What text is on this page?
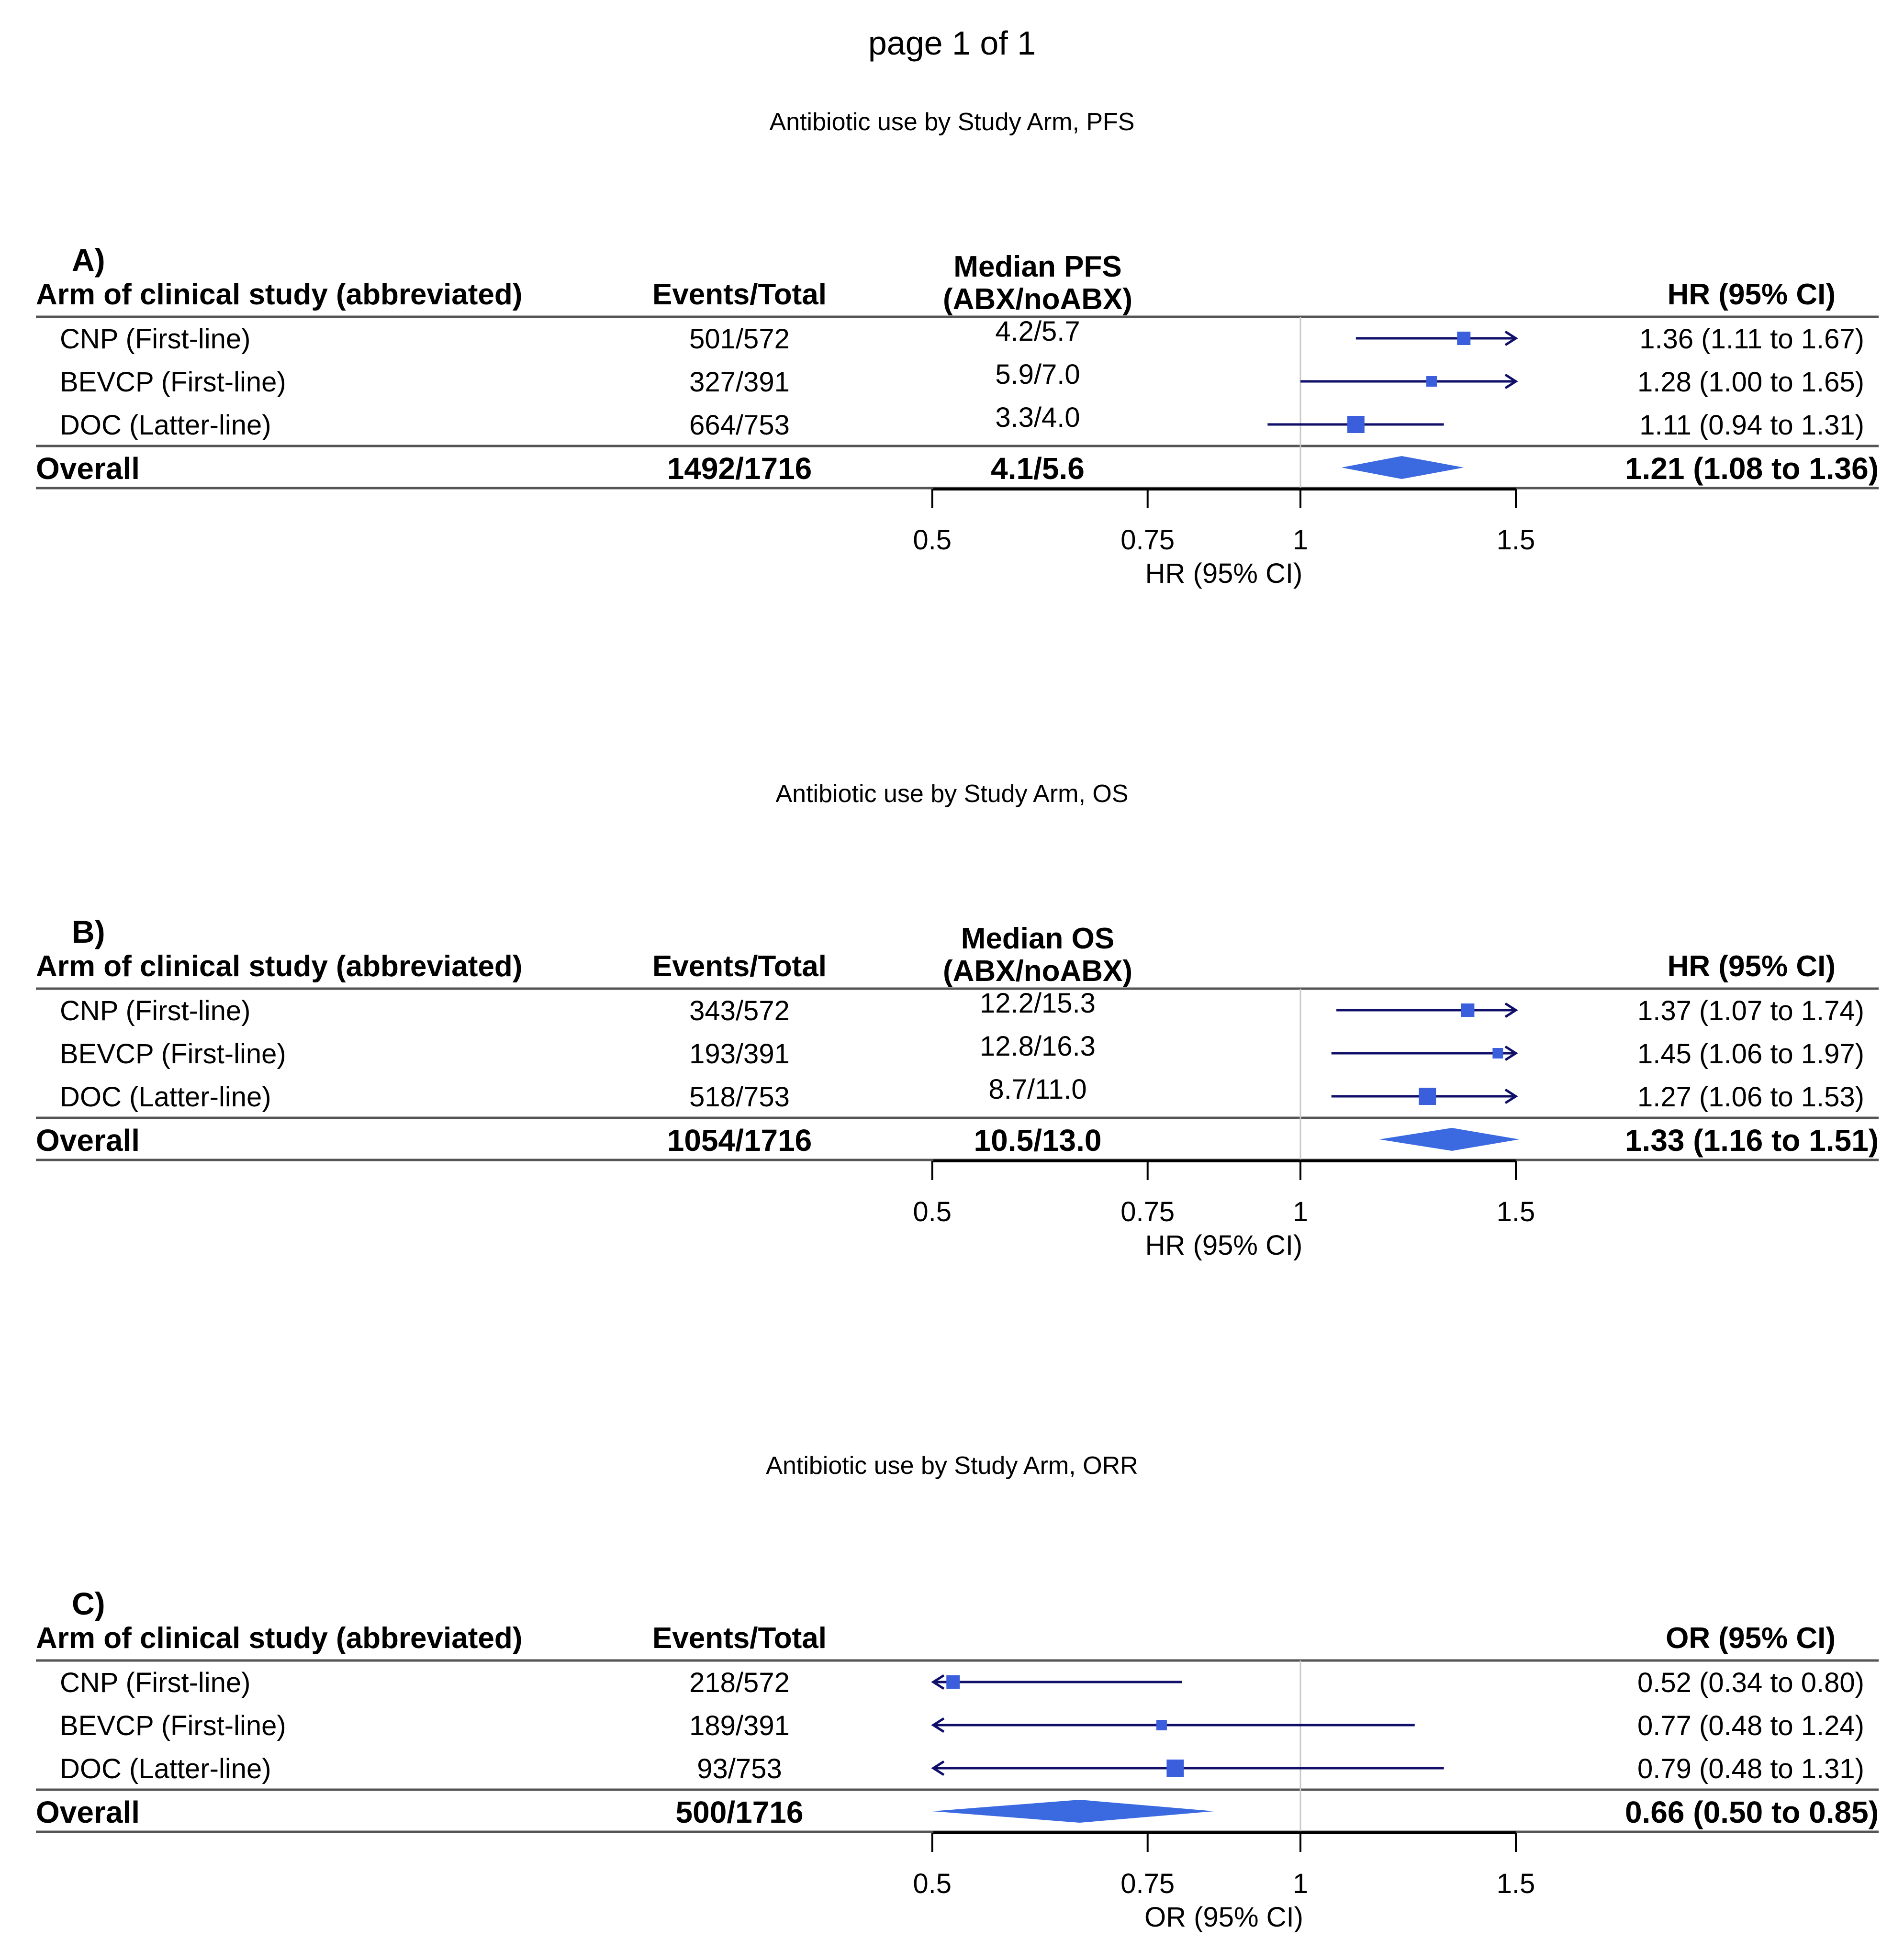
page 1 of 1
Antibiotic use by Study Arm, PFS
A)
Arm of clinical study (abbreviated)	Events/Total
Median PFS
(ABX/noABX)	HR (95% CI)
HR (95% CI)
0.5	0.75	1	1.5
CNP (First-line)	501/572	4.2/5.7	1.36 (1.11 to 1.67)
BEVCP (First-line)	327/391	5.9/7.0	1.28 (1.00 to 1.65)
DOC (Latter-line)	664/753	3.3/4.0	1.11 (0.94 to 1.31)
Overall	1492/1716	4.1/5.6	1.21 (1.08 to 1.36)
Antibiotic use by Study Arm, OS
B)
Arm of clinical study (abbreviated)	Events/Total
Median OS
(ABX/noABX)	HR (95% CI)
HR (95% CI)
0.5	0.75	1	1.5
CNP (First-line)	343/572	12.2/15.3	1.37 (1.07 to 1.74)
BEVCP (First-line)	193/391	12.8/16.3	1.45 (1.06 to 1.97)
DOC (Latter-line)	518/753	8.7/11.0	1.27 (1.06 to 1.53)
Overall	1054/1716	10.5/13.0	1.33 (1.16 to 1.51)
Antibiotic use by Study Arm, ORR
C)
Arm of clinical study (abbreviated)	Events/Total	OR (95% CI)
OR (95% CI)
0.5	0.75	1	1.5
CNP (First-line)	218/572	0.52 (0.34 to 0.80)
BEVCP (First-line)	189/391	0.77 (0.48 to 1.24)
DOC (Latter-line)	93/753	0.79 (0.48 to 1.31)
Overall	500/1716	0.66 (0.50 to 0.85)
